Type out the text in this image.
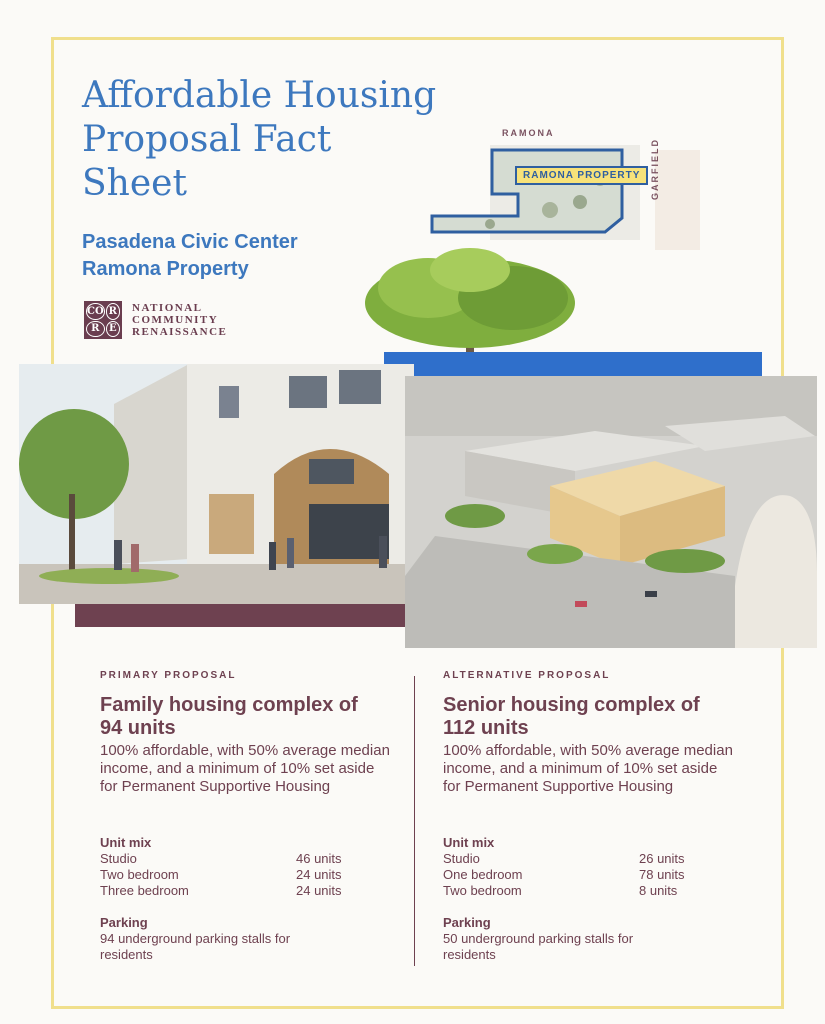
Affordable Housing Proposal Fact Sheet
Pasadena Civic Center
Ramona Property
CO R
R E
NATIONAL
COMMUNITY
RENAISSANCE
RAMONA
GARFIELD
RAMONA PROPERTY
PRIMARY PROPOSAL
Family housing complex of 94 units

100% affordable, with 50% average median income, and a minimum of 10% set aside for Permanent Supportive Housing

Unit mix
Studio	46 units
Two bedroom	24 units
Three bedroom	24 units
Parking

94 underground parking stalls for residents

ALTERNATIVE PROPOSAL
Senior housing complex of 112 units

100% affordable, with 50% average median income, and a minimum of 10% set aside for Permanent Supportive Housing

Unit mix
Studio	26 units
One bedroom	78 units
Two bedroom	8 units
Parking

50 underground parking stalls for residents
